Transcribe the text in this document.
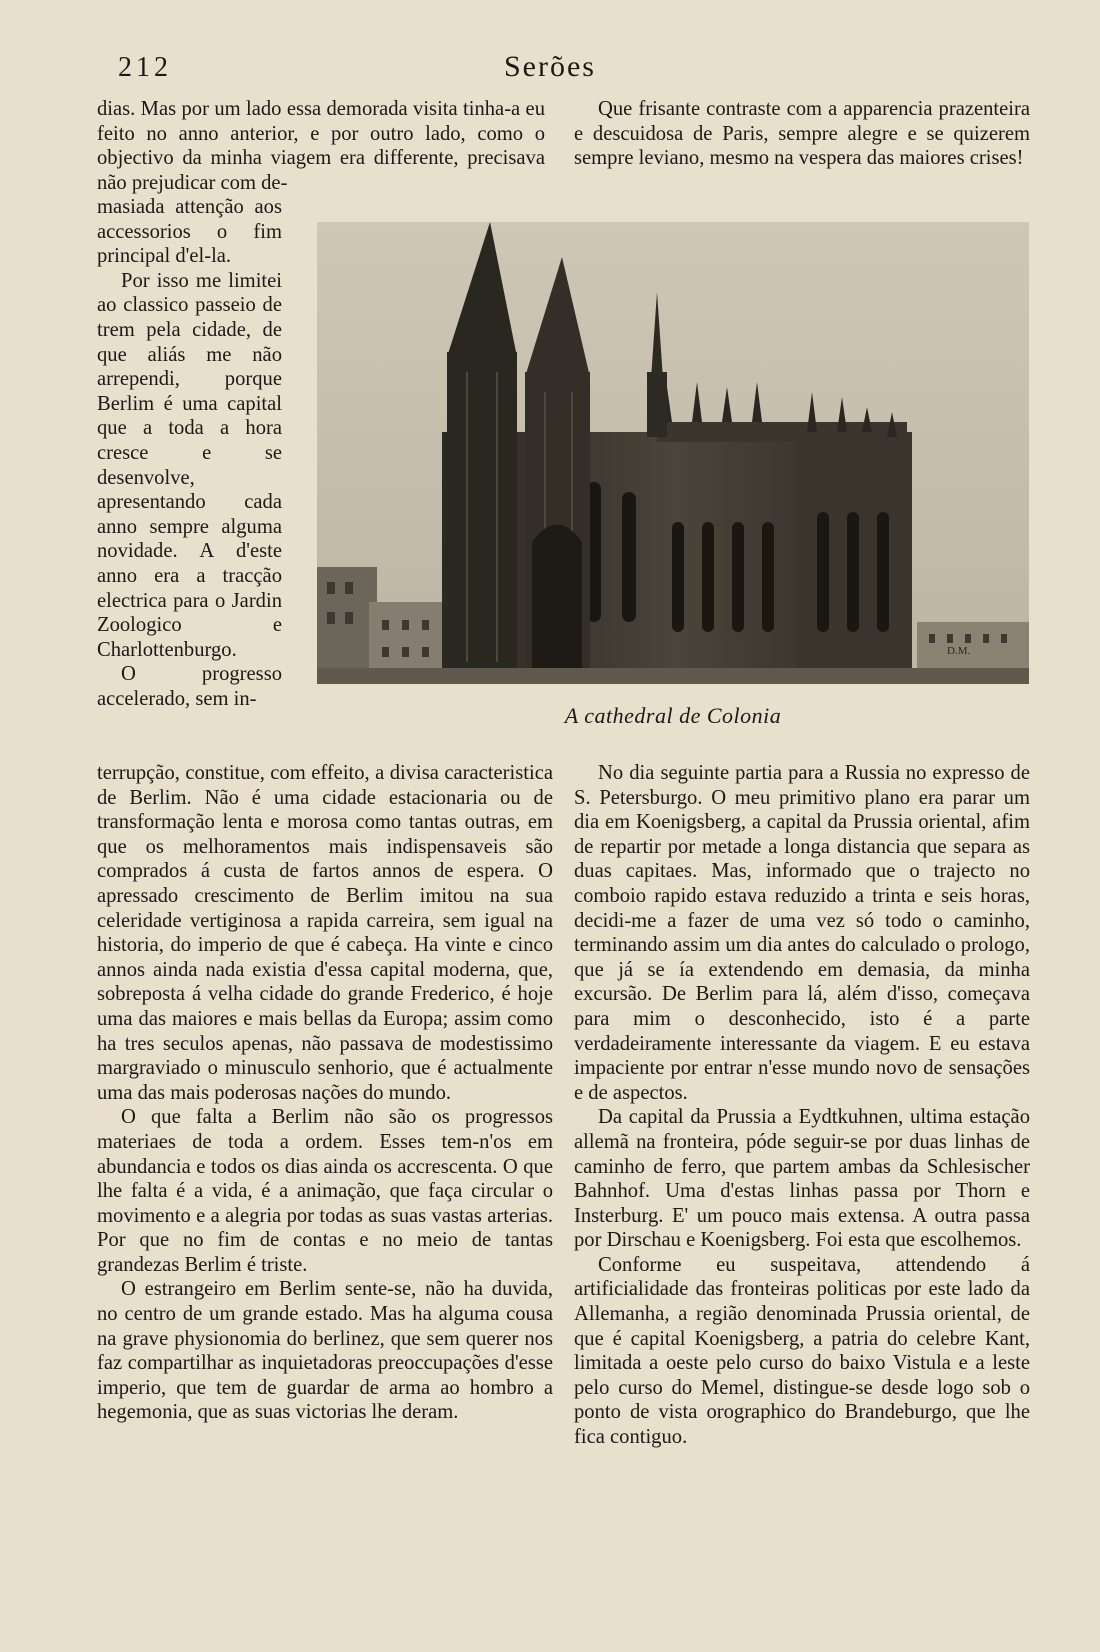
212	Serões

dias. Mas por um lado essa demorada visita tinha-a eu feito no anno anterior, e por outro lado, como o objectivo da minha viagem era differente, precisava não prejudicar com de-

masiada attenção aos accessorios o fim principal d'el-la.

Por isso me limitei ao classico passeio de trem pela cidade, de que aliás me não arrependi, porque Berlim é uma capital que a toda a hora cresce e se desenvolve, apresentando cada anno sempre alguma novidade. A d'este anno era a tracção electrica para o Jardin Zoologico e Charlottenburgo.

O progresso accelerado, sem in-

D.M.
A cathedral de Colonia

terrupção, constitue, com effeito, a divisa caracteristica de Berlim. Não é uma cidade estacionaria ou de transformação lenta e morosa como tantas outras, em que os melhoramentos mais indispensaveis são comprados á custa de fartos annos de espera. O apressado crescimento de Berlim imitou na sua celeridade vertiginosa a rapida carreira, sem igual na historia, do imperio de que é cabeça. Ha vinte e cinco annos ainda nada existia d'essa capital moderna, que, sobreposta á velha cidade do grande Frederico, é hoje uma das maiores e mais bellas da Europa; assim como ha tres seculos apenas, não passava de modestissimo margraviado o minusculo senhorio, que é actualmente uma das mais poderosas nações do mundo.

O que falta a Berlim não são os progressos materiaes de toda a ordem. Esses tem-n'os em abundancia e todos os dias ainda os accrescenta. O que lhe falta é a vida, é a animação, que faça circular o movimento e a alegria por todas as suas vastas arterias. Por que no fim de contas e no meio de tantas grandezas Berlim é triste.

O estrangeiro em Berlim sente-se, não ha duvida, no centro de um grande estado. Mas ha alguma cousa na grave physionomia do berlinez, que sem querer nos faz compartilhar as inquietadoras preoccupações d'esse imperio, que tem de guardar de arma ao hombro a hegemonia, que as suas victorias lhe deram.

Que frisante contraste com a apparencia prazenteira e descuidosa de Paris, sempre alegre e se quizerem sempre leviano, mesmo na vespera das maiores crises!

No dia seguinte partia para a Russia no expresso de S. Petersburgo. O meu primitivo plano era parar um dia em Koenigsberg, a capital da Prussia oriental, afim de repartir por metade a longa distancia que separa as duas capitaes. Mas, informado que o trajecto no comboio rapido estava reduzido a trinta e seis horas, decidi-me a fazer de uma vez só todo o caminho, terminando assim um dia antes do calculado o prologo, que já se ía extendendo em demasia, da minha excursão. De Berlim para lá, além d'isso, começava para mim o desconhecido, isto é a parte verdadeiramente interessante da viagem. E eu estava impaciente por entrar n'esse mundo novo de sensações e de aspectos.

Da capital da Prussia a Eydtkuhnen, ultima estação allemã na fronteira, póde seguir-se por duas linhas de caminho de ferro, que partem ambas da Schlesischer Bahnhof. Uma d'estas linhas passa por Thorn e Insterburg. E' um pouco mais extensa. A outra passa por Dirschau e Koenigsberg. Foi esta que escolhemos.

Conforme eu suspeitava, attendendo á artificialidade das fronteiras politicas por este lado da Allemanha, a região denominada Prussia oriental, de que é capital Koenigsberg, a patria do celebre Kant, limitada a oeste pelo curso do baixo Vistula e a leste pelo curso do Memel, distingue-se desde logo sob o ponto de vista orographico do Brandeburgo, que lhe fica contiguo.
